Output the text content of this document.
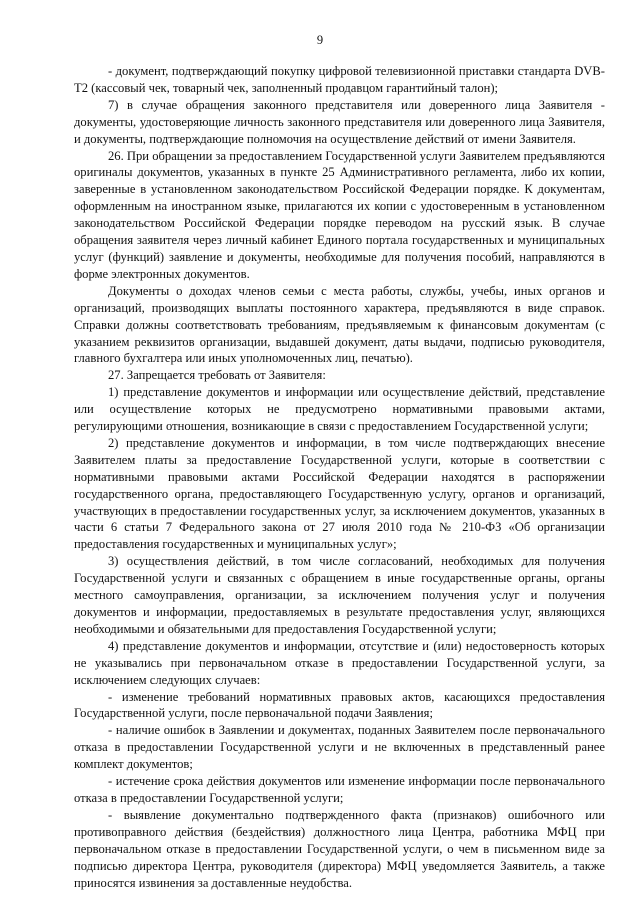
9

- документ, подтверждающий покупку цифровой телевизионной приставки стандарта DVB-T2 (кассовый чек, товарный чек, заполненный продавцом гарантийный талон);

7) в случае обращения законного представителя или доверенного лица Заявителя - документы, удостоверяющие личность законного представителя или доверенного лица Заявителя, и документы, подтверждающие полномочия на осуществление действий от имени Заявителя.

26. При обращении за предоставлением Государственной услуги Заявителем предъявляются оригиналы документов, указанных в пункте 25 Административного регламента, либо их копии, заверенные в установленном законодательством Российской Федерации порядке. К документам, оформленным на иностранном языке, прилагаются их копии с удостоверенным в установленном законодательством Российской Федерации порядке переводом на русский язык. В случае обращения заявителя через личный кабинет Единого портала государственных и муниципальных услуг (функций) заявление и документы, необходимые для получения пособий, направляются в форме электронных документов.

Документы о доходах членов семьи с места работы, службы, учебы, иных органов и организаций, производящих выплаты постоянного характера, предъявляются в виде справок. Справки должны соответствовать требованиям, предъявляемым к финансовым документам (с указанием реквизитов организации, выдавшей документ, даты выдачи, подписью руководителя, главного бухгалтера или иных уполномоченных лиц, печатью).

27. Запрещается требовать от Заявителя:

1) представление документов и информации или осуществление действий, представление или осуществление которых не предусмотрено нормативными правовыми актами, регулирующими отношения, возникающие в связи с предоставлением Государственной услуги;

2) представление документов и информации, в том числе подтверждающих внесение Заявителем платы за предоставление Государственной услуги, которые в соответствии с нормативными правовыми актами Российской Федерации находятся в распоряжении государственного органа, предоставляющего Государственную услугу, органов и организаций, участвующих в предоставлении государственных услуг, за исключением документов, указанных в части 6 статьи 7 Федерального закона от 27 июля 2010 года № 210-ФЗ «Об организации предоставления государственных и муниципальных услуг»;

3) осуществления действий, в том числе согласований, необходимых для получения Государственной услуги и связанных с обращением в иные государственные органы, органы местного самоуправления, организации, за исключением получения услуг и получения документов и информации, предоставляемых в результате предоставления услуг, являющихся необходимыми и обязательными для предоставления Государственной услуги;

4) представление документов и информации, отсутствие и (или) недостоверность которых не указывались при первоначальном отказе в предоставлении Государственной услуги, за исключением следующих случаев:

- изменение требований нормативных правовых актов, касающихся предоставления Государственной услуги, после первоначальной подачи Заявления;

- наличие ошибок в Заявлении и документах, поданных Заявителем после первоначального отказа в предоставлении Государственной услуги и не включенных в представленный ранее комплект документов;

- истечение срока действия документов или изменение информации после первоначального отказа в предоставлении Государственной услуги;

- выявление документально подтвержденного факта (признаков) ошибочного или противоправного действия (бездействия) должностного лица Центра, работника МФЦ при первоначальном отказе в предоставлении Государственной услуги, о чем в письменном виде за подписью директора Центра, руководителя (директора) МФЦ уведомляется Заявитель, а также приносятся извинения за доставленные неудобства.
